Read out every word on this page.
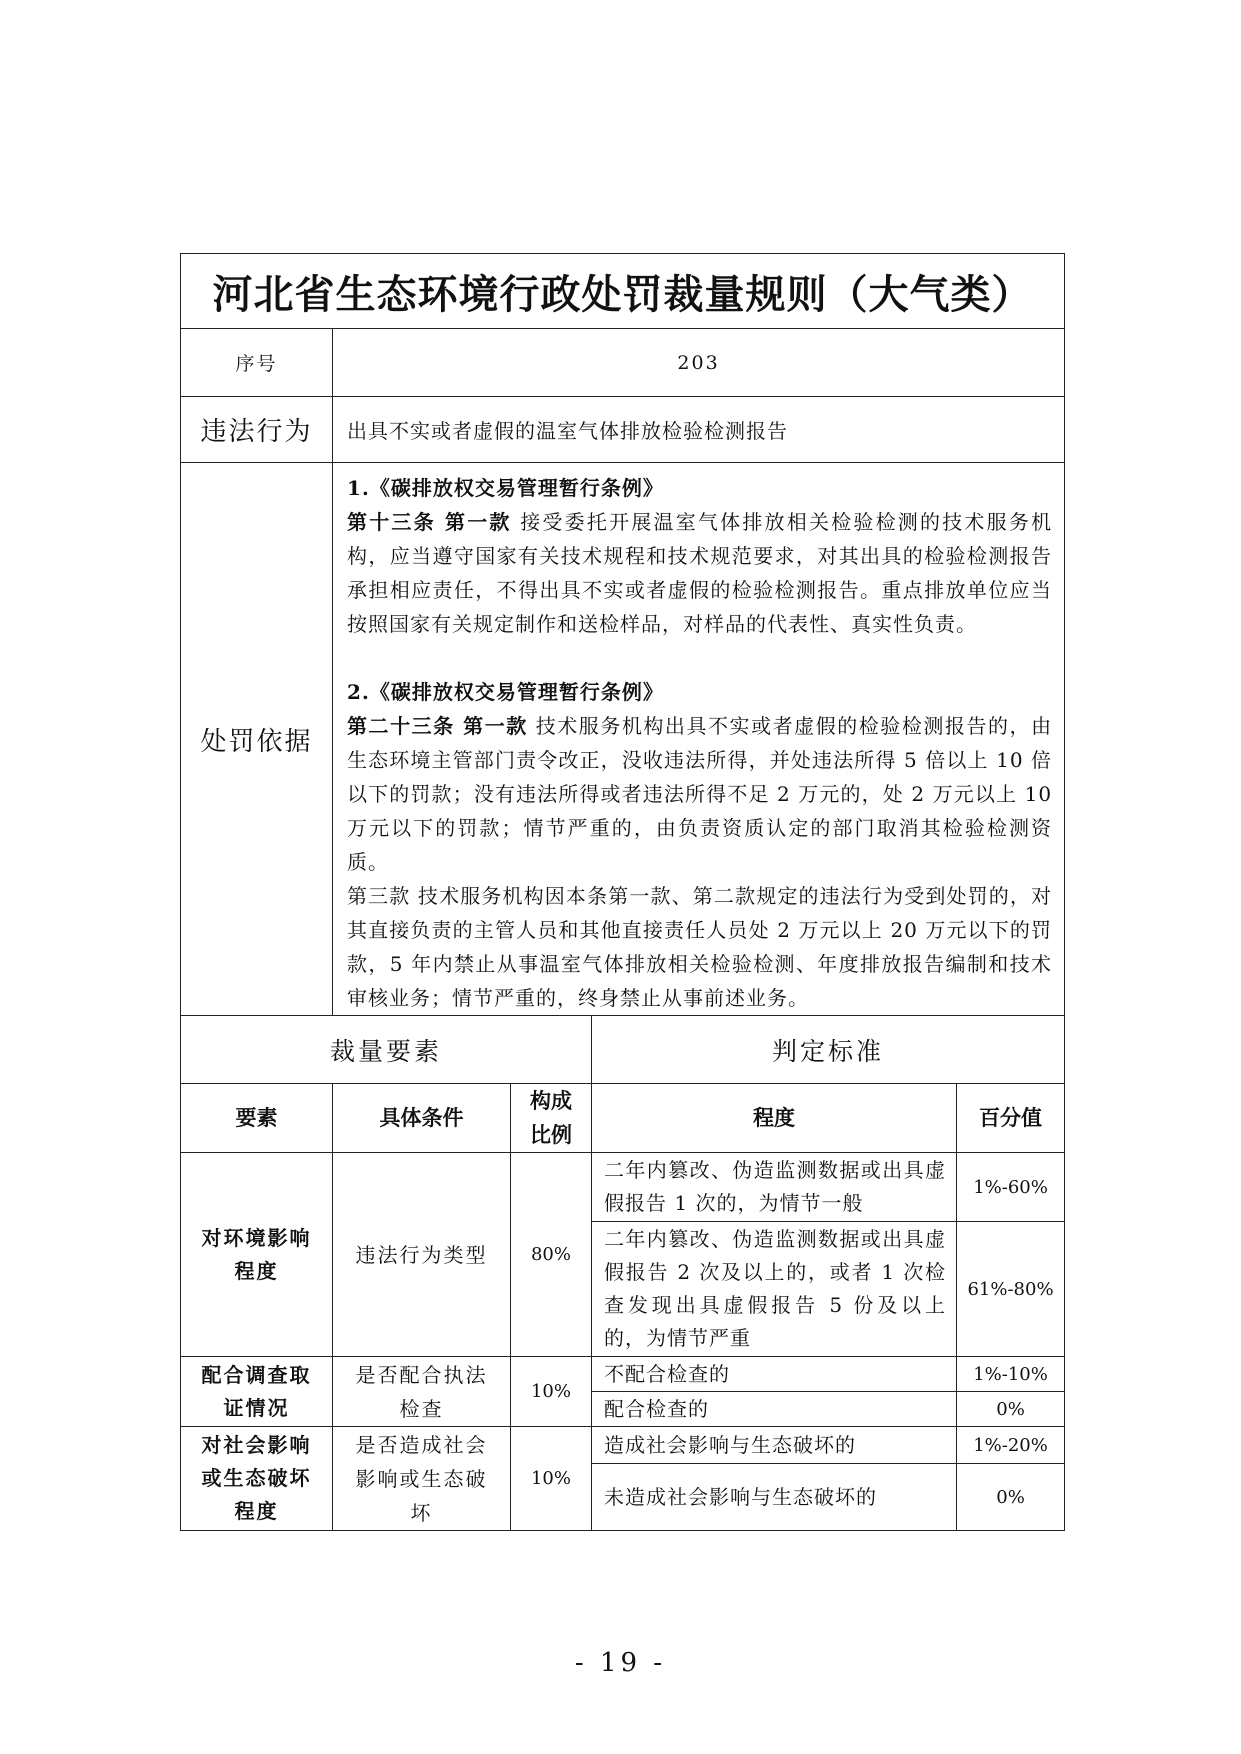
河北省生态环境行政处罚裁量规则（大气类）				
序号	203			
违法行为	出具不实或者虚假的温室气体排放检验检测报告			
处罚依据	1.《碳排放权交易管理暂行条例》

第十三条 第一款 接受委托开展温室气体排放相关检验检测的技术服务机构，应当遵守国家有关技术规程和技术规范要求，对其出具的检验检测报告承担相应责任，不得出具不实或者虚假的检验检测报告。重点排放单位应当按照国家有关规定制作和送检样品，对样品的代表性、真实性负责。

2.《碳排放权交易管理暂行条例》

第二十三条 第一款 技术服务机构出具不实或者虚假的检验检测报告的，由生态环境主管部门责令改正，没收违法所得，并处违法所得 5 倍以上 10 倍以下的罚款；没有违法所得或者违法所得不足 2 万元的，处 2 万元以上 10 万元以下的罚款；情节严重的，由负责资质认定的部门取消其检验检测资质。

第三款 技术服务机构因本条第一款、第二款规定的违法行为受到处罚的，对其直接负责的主管人员和其他直接责任人员处 2 万元以上 20 万元以下的罚款，5 年内禁止从事温室气体排放相关检验检测、年度排放报告编制和技术审核业务；情节严重的，终身禁止从事前述业务。			

裁量要素			判定标准	
要素	具体条件	构成比例	程度	百分值
对环境影响程度	违法行为类型	80%	二年内篡改、伪造监测数据或出具虚假报告 1 次的，为情节一般	1%-60%
			二年内篡改、伪造监测数据或出具虚假报告 2 次及以上的，或者 1 次检查发现出具虚假报告 5 份及以上的，为情节严重	61%-80%
配合调查取证情况	是否配合执法检查	10%	不配合检查的	1%-10%
			配合检查的	0%
对社会影响或生态破坏程度	是否造成社会影响或生态破坏	10%	造成社会影响与生态破坏的	1%-20%
			未造成社会影响与生态破坏的	0%
- 19 -
